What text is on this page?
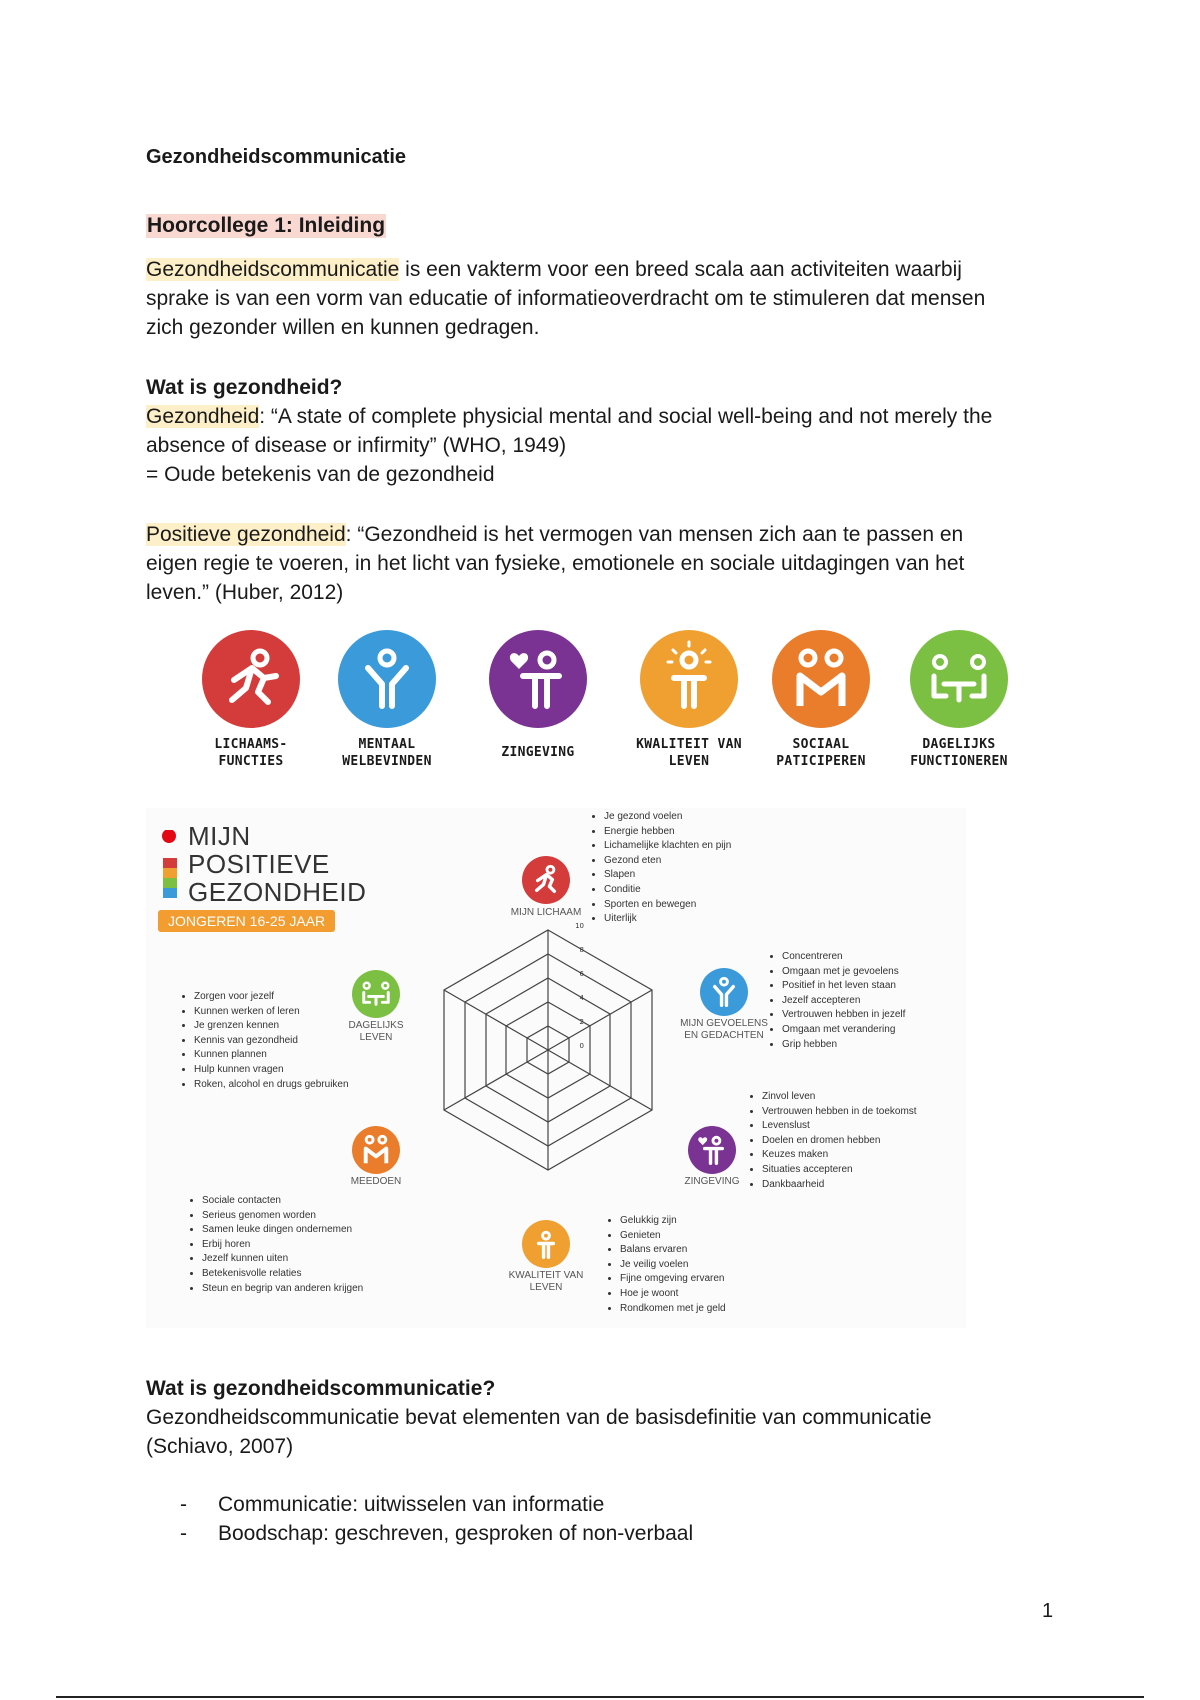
Gezondheidscommunicatie
Hoorcollege 1: Inleiding
Gezondheidscommunicatie is een vakterm voor een breed scala aan activiteiten waarbij
sprake is van een vorm van educatie of informatieoverdracht om te stimuleren dat mensen
zich gezonder willen en kunnen gedragen.
Wat is gezondheid?
Gezondheid: “A state of complete physicial mental and social well-being and not merely the
absence of disease or infirmity” (WHO, 1949)
= Oude betekenis van de gezondheid
Positieve gezondheid: “Gezondheid is het vermogen van mensen zich aan te passen en
eigen regie te voeren, in het licht van fysieke, emotionele en sociale uitdagingen van het
leven.” (Huber, 2012)
LICHAAMS-
FUNCTIES
MENTAAL
WELBEVINDEN
ZINGEVING
KWALITEIT VAN
LEVEN
SOCIAAL
PATICIPEREN
DAGELIJKS
FUNCTIONEREN
MIJN
POSITIEVE
GEZONDHEID
JONGEREN 16-25 JAAR
0
2
4
6
8
10
MIJN LICHAAM
• Je gezond voelen
• Energie hebben
• Lichamelijke klachten en pijn
• Gezond eten
• Slapen
• Conditie
• Sporten en bewegen
• Uiterlijk
MIJN GEVOELENS
EN GEDACHTEN
• Concentreren
• Omgaan met je gevoelens
• Positief in het leven staan
• Jezelf accepteren
• Vertrouwen hebben in jezelf
• Omgaan met verandering
• Grip hebben
ZINGEVING
• Zinvol leven
• Vertrouwen hebben in de toekomst
• Levenslust
• Doelen en dromen hebben
• Keuzes maken
• Situaties accepteren
• Dankbaarheid
KWALITEIT VAN LEVEN
• Gelukkig zijn
• Genieten
• Balans ervaren
• Je veilig voelen
• Fijne omgeving ervaren
• Hoe je woont
• Rondkomen met je geld
MEEDOEN
• Sociale contacten
• Serieus genomen worden
• Samen leuke dingen ondernemen
• Erbij horen
• Jezelf kunnen uiten
• Betekenisvolle relaties
• Steun en begrip van anderen krijgen
DAGELIJKS
LEVEN
• Zorgen voor jezelf
• Kunnen werken of leren
• Je grenzen kennen
• Kennis van gezondheid
• Kunnen plannen
• Hulp kunnen vragen
• Roken, alcohol en drugs gebruiken
Wat is gezondheidscommunicatie?
Gezondheidscommunicatie bevat elementen van de basisdefinitie van communicatie
(Schiavo, 2007)
-	Communicatie: uitwisselen van informatie
-	Boodschap: geschreven, gesproken of non-verbaal
1
